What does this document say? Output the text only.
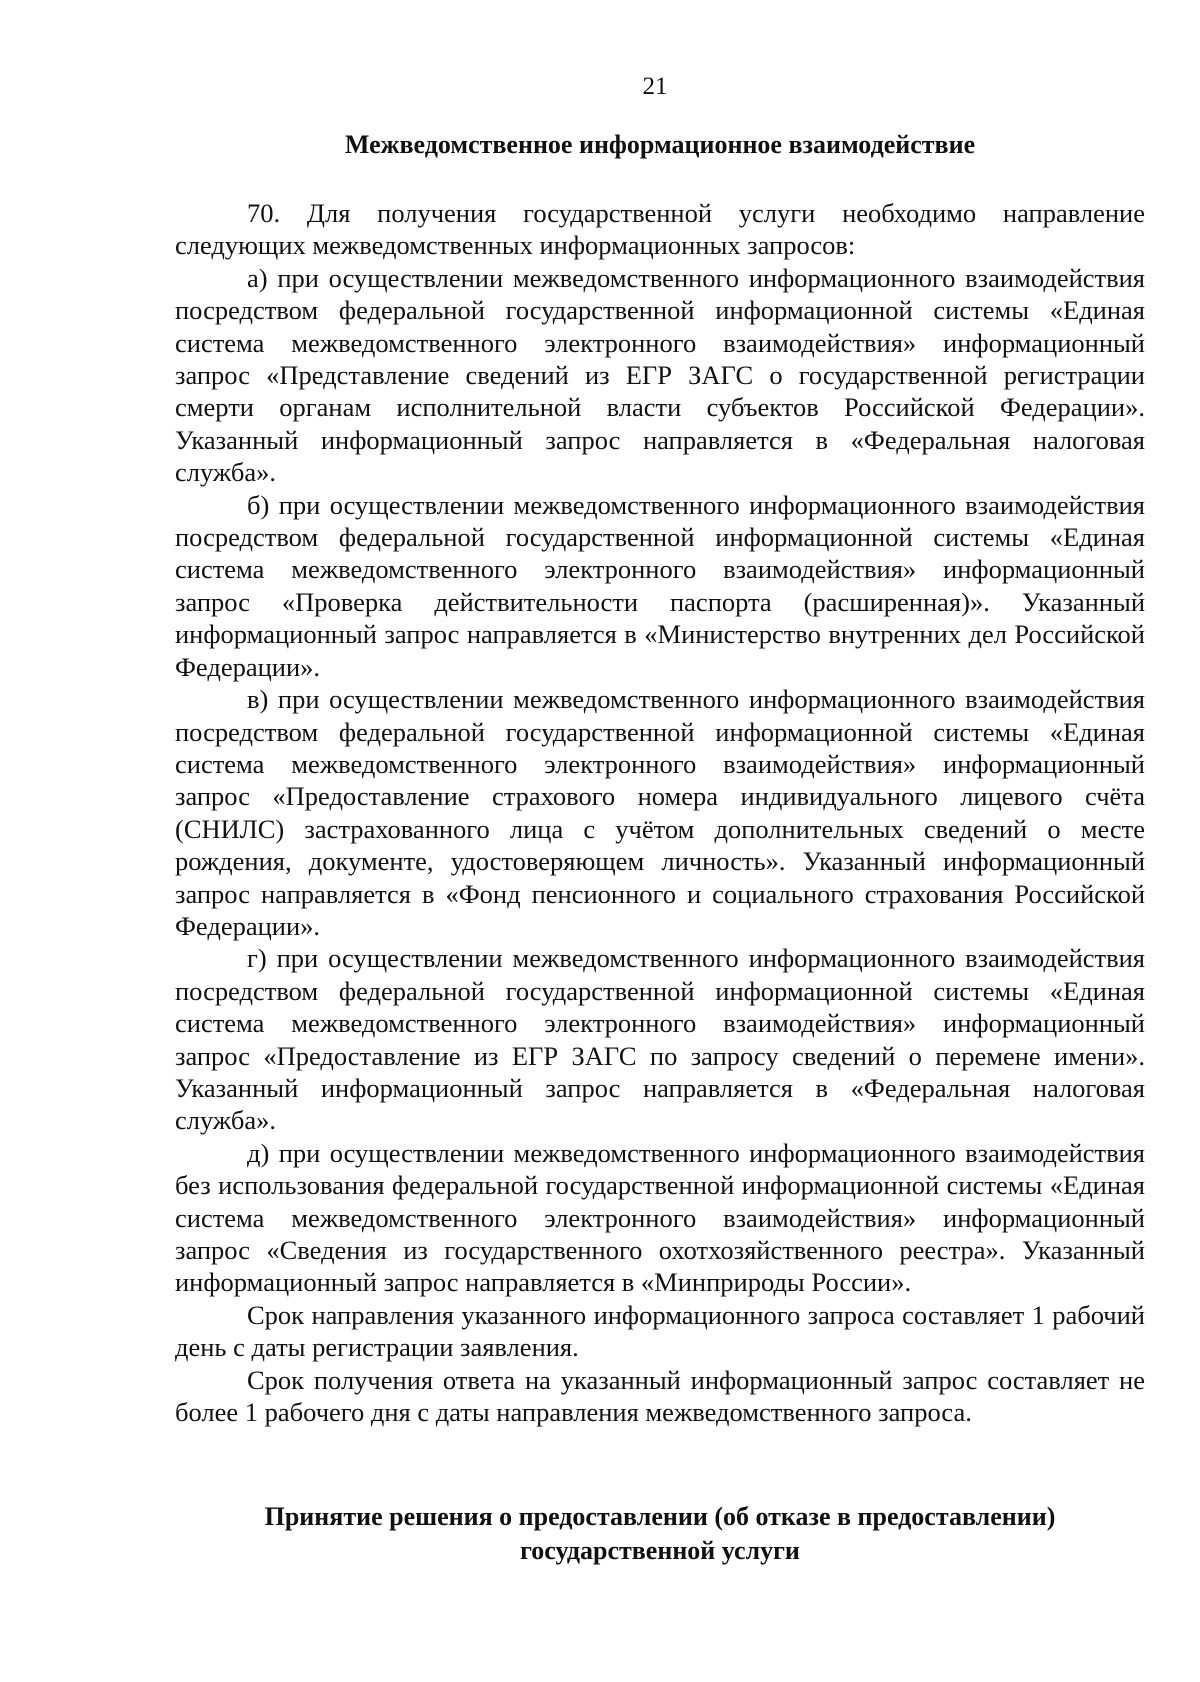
21
Межведомственное информационное взаимодействие

70. Для получения государственной услуги необходимо направление следующих межведомственных информационных запросов:

а) при осуществлении межведомственного информационного взаимодействия посредством федеральной государственной информационной системы «Единая система межведомственного электронного взаимодействия» информационный запрос «Представление сведений из ЕГР ЗАГС о государственной регистрации смерти органам исполнительной власти субъектов Российской Федерации». Указанный информационный запрос направляется в «Федеральная налоговая служба».

б) при осуществлении межведомственного информационного взаимодействия посредством федеральной государственной информационной системы «Единая система межведомственного электронного взаимодействия» информационный запрос «Проверка действительности паспорта (расширенная)». Указанный информационный запрос направляется в «Министерство внутренних дел Российской Федерации».

в) при осуществлении межведомственного информационного взаимодействия посредством федеральной государственной информационной системы «Единая система межведомственного электронного взаимодействия» информационный запрос «Предоставление страхового номера индивидуального лицевого счёта (СНИЛС) застрахованного лица с учётом дополнительных сведений о месте рождения, документе, удостоверяющем личность». Указанный информационный запрос направляется в «Фонд пенсионного и социального страхования Российской Федерации».

г) при осуществлении межведомственного информационного взаимодействия посредством федеральной государственной информационной системы «Единая система межведомственного электронного взаимодействия» информационный запрос «Предоставление из ЕГР ЗАГС по запросу сведений о перемене имени». Указанный информационный запрос направляется в «Федеральная налоговая служба».

д) при осуществлении межведомственного информационного взаимодействия без использования федеральной государственной информационной системы «Единая система межведомственного электронного взаимодействия» информационный запрос «Сведения из государственного охотхозяйственного реестра». Указанный информационный запрос направляется в «Минприроды России».

Срок направления указанного информационного запроса составляет 1 рабочий день с даты регистрации заявления.

Срок получения ответа на указанный информационный запрос составляет не более 1 рабочего дня с даты направления межведомственного запроса.

Принятие решения о предоставлении (об отказе в предоставлении)
государственной услуги
